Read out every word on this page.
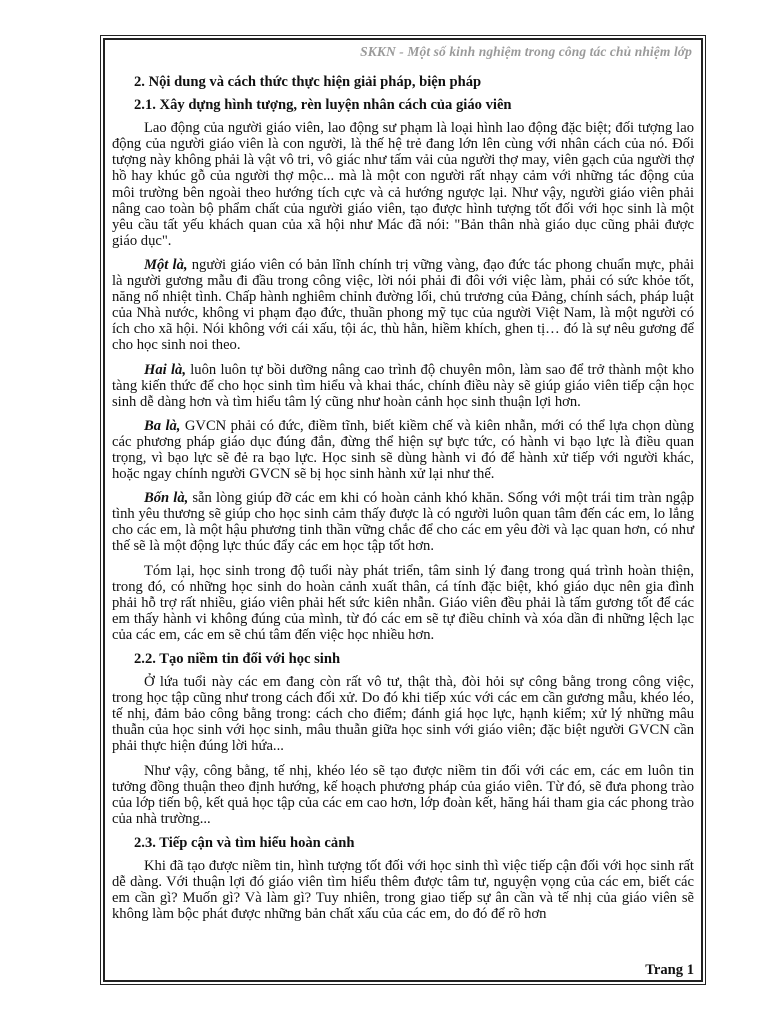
SKKN - Một số kinh nghiệm trong công tác chủ nhiệm lớp
2. Nội dung và cách thức thực hiện giải pháp, biện pháp
2.1. Xây dựng hình tượng, rèn luyện nhân cách của giáo viên

Lao động của người giáo viên, lao động sư phạm là loại hình lao động đặc biệt; đối tượng lao động của người giáo viên là con người, là thế hệ trẻ đang lớn lên cùng với nhân cách của nó. Đối tượng này không phải là vật vô tri, vô giác như tấm vải của người thợ may, viên gạch của người thợ hồ hay khúc gỗ của người thợ mộc... mà là một con người rất nhạy cảm với những tác động của môi trường bên ngoài theo hướng tích cực và cả hướng ngược lại. Như vậy, người giáo viên phải nâng cao toàn bộ phẩm chất của người giáo viên, tạo được hình tượng tốt đối với học sinh là một yêu cầu tất yếu khách quan của xã hội như Mác đã nói: "Bản thân nhà giáo dục cũng phải được giáo dục".

Một là, người giáo viên có bản lĩnh chính trị vững vàng, đạo đức tác phong chuẩn mực, phải là người gương mẫu đi đầu trong công việc, lời nói phải đi đôi với việc làm, phải có sức khỏe tốt, năng nổ nhiệt tình. Chấp hành nghiêm chỉnh đường lối, chủ trương của Đảng, chính sách, pháp luật của Nhà nước, không vi phạm đạo đức, thuần phong mỹ tục của người Việt Nam, là một người có ích cho xã hội. Nói không với cái xấu, tội ác, thù hằn, hiềm khích, ghen tị… đó là sự nêu gương để cho học sinh noi theo.

Hai là, luôn luôn tự bồi dưỡng nâng cao trình độ chuyên môn, làm sao để trở thành một kho tàng kiến thức để cho học sinh tìm hiểu và khai thác, chính điều này sẽ giúp giáo viên tiếp cận học sinh dễ dàng hơn và tìm hiểu tâm lý cũng như hoàn cảnh học sinh thuận lợi hơn.

Ba là, GVCN phải có đức, điềm tĩnh, biết kiềm chế và kiên nhẫn, mới có thể lựa chọn dùng các phương pháp giáo dục đúng đắn, đừng thể hiện sự bực tức, có hành vi bạo lực là điều quan trọng, vì bạo lực sẽ đẻ ra bạo lực. Học sinh sẽ dùng hành vi đó để hành xử tiếp với người khác, hoặc ngay chính người GVCN sẽ bị học sinh hành xử lại như thế.

Bốn là, sẵn lòng giúp đỡ các em khi có hoàn cảnh khó khăn. Sống với một trái tim tràn ngập tình yêu thương sẽ giúp cho học sinh cảm thấy được là có người luôn quan tâm đến các em, lo lắng cho các em, là một hậu phương tinh thần vững chắc để cho các em yêu đời và lạc quan hơn, có như thế sẽ là một động lực thúc đẩy các em học tập tốt hơn.

Tóm lại, học sinh trong độ tuổi này phát triển, tâm sinh lý đang trong quá trình hoàn thiện, trong đó, có những học sinh do hoàn cảnh xuất thân, cá tính đặc biệt, khó giáo dục nên gia đình phải hỗ trợ rất nhiều, giáo viên phải hết sức kiên nhẫn. Giáo viên đều phải là tấm gương tốt để các em thấy hành vi không đúng của mình, từ đó các em sẽ tự điều chỉnh và xóa dần đi những lệch lạc của các em, các em sẽ chú tâm đến việc học nhiều hơn.

2.2. Tạo niềm tin đối với học sinh

Ở lứa tuổi này các em đang còn rất vô tư, thật thà, đòi hỏi sự công bằng trong công việc, trong học tập cũng như trong cách đối xử. Do đó khi tiếp xúc với các em cần gương mẫu, khéo léo, tế nhị, đảm bảo công bằng trong: cách cho điểm; đánh giá học lực, hạnh kiểm; xử lý những mâu thuẫn của học sinh với học sinh, mâu thuẫn giữa học sinh với giáo viên; đặc biệt người GVCN cần phải thực hiện đúng lời hứa...

Như vậy, công bằng, tế nhị, khéo léo sẽ tạo được niềm tin đối với các em, các em luôn tin tưởng đồng thuận theo định hướng, kế hoạch phương pháp của giáo viên. Từ đó, sẽ đưa phong trào của lớp tiến bộ, kết quả học tập của các em cao hơn, lớp đoàn kết, hăng hái tham gia các phong trào của nhà trường...

2.3. Tiếp cận và tìm hiểu hoàn cảnh

Khi đã tạo được niềm tin, hình tượng tốt đối với học sinh thì việc tiếp cận đối với học sinh rất dễ dàng. Với thuận lợi đó giáo viên tìm hiểu thêm được tâm tư, nguyện vọng của các em, biết các em cần gì? Muốn gì? Và làm gì? Tuy nhiên, trong giao tiếp sự ân cần và tế nhị của giáo viên sẽ không làm bộc phát được những bản chất xấu của các em, do đó để rõ hơn

Trang 1
